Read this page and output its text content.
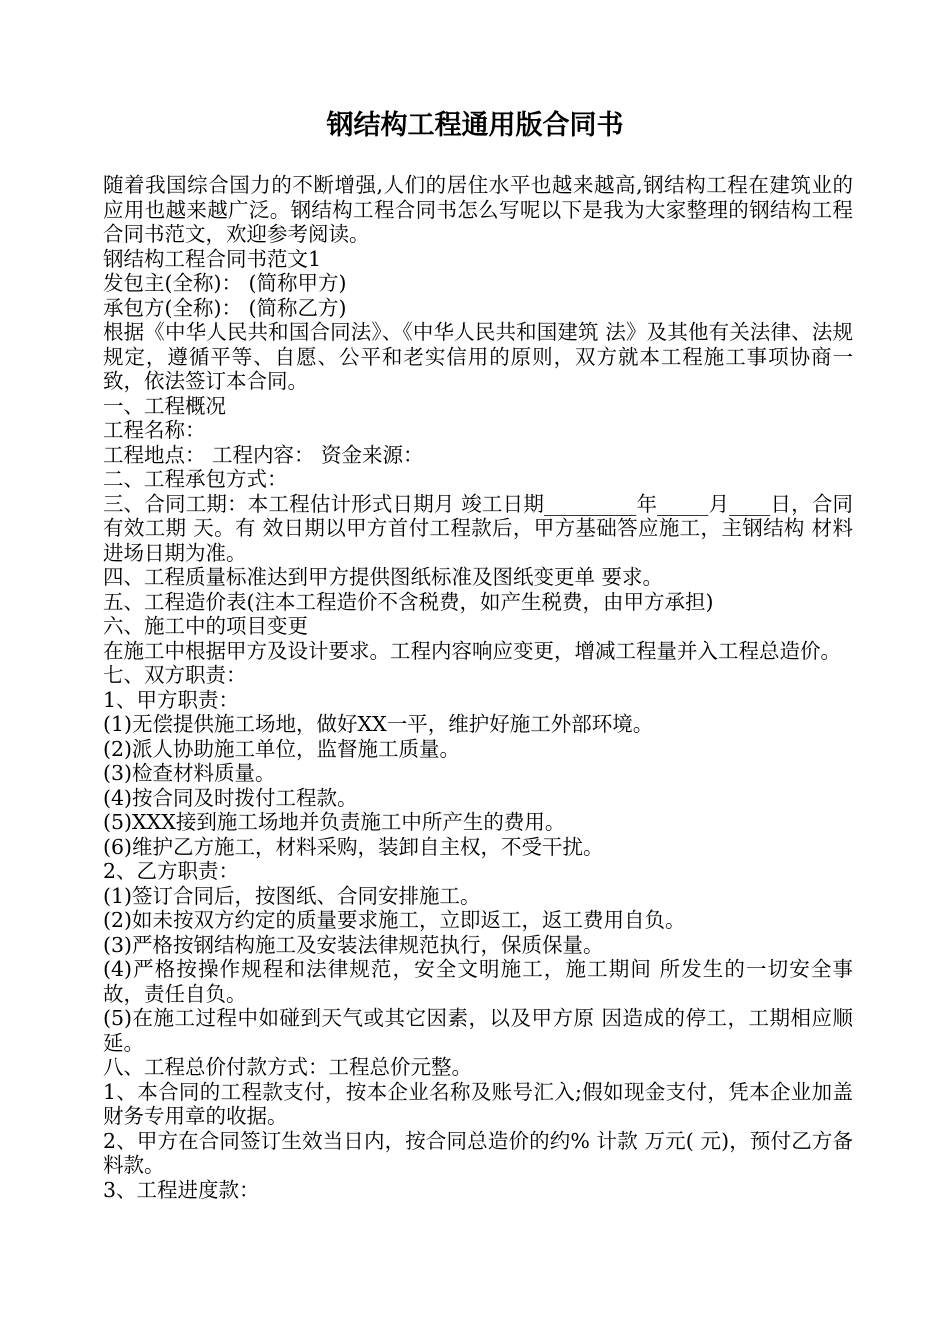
钢结构工程通用版合同书

随着我国综合国力的不断增强,人们的居住水平也越来越高,钢结构工程在建筑业的应用也越来越广泛。钢结构工程合同书怎么写呢以下是我为大家整理的钢结构工程合同书范文，欢迎参考阅读。

钢结构工程合同书范文1

发包主(全称)： (简称甲方)

承包方(全称)： (简称乙方)

根据《中华人民共和国合同法》、《中华人民共和国建筑 法》及其他有关法律、法规规定，遵循平等、自愿、公平和老实信用的原则，双方就本工程施工事项协商一致，依法签订本合同。

一、工程概况

工程名称：

工程地点： 工程内容： 资金来源：

二、工程承包方式：

三、合同工期：本工程估计形式日期月 竣工日期_________年_____月____日，合同有效工期 天。有 效日期以甲方首付工程款后，甲方基础答应施工，主钢结构 材料进场日期为准。

四、工程质量标准达到甲方提供图纸标准及图纸变更单 要求。

五、工程造价表(注本工程造价不含税费，如产生税费，由甲方承担)

六、施工中的项目变更

在施工中根据甲方及设计要求。工程内容响应变更，增减工程量并入工程总造价。

七、双方职责：

1、甲方职责：

(1)无偿提供施工场地，做好XX一平，维护好施工外部环境。

(2)派人协助施工单位，监督施工质量。

(3)检查材料质量。

(4)按合同及时拨付工程款。

(5)XXX接到施工场地并负责施工中所产生的费用。

(6)维护乙方施工，材料采购，装卸自主权，不受干扰。

2、乙方职责：

(1)签订合同后，按图纸、合同安排施工。

(2)如未按双方约定的质量要求施工，立即返工，返工费用自负。

(3)严格按钢结构施工及安装法律规范执行，保质保量。

(4)严格按操作规程和法律规范，安全文明施工，施工期间 所发生的一切安全事故，责任自负。

(5)在施工过程中如碰到天气或其它因素，以及甲方原 因造成的停工，工期相应顺延。

八、工程总价付款方式：工程总价元整。

1、本合同的工程款支付，按本企业名称及账号汇入;假如现金支付，凭本企业加盖财务专用章的收据。

2、甲方在合同签订生效当日内，按合同总造价的约% 计款 万元( 元)，预付乙方备料款。

3、工程进度款：
